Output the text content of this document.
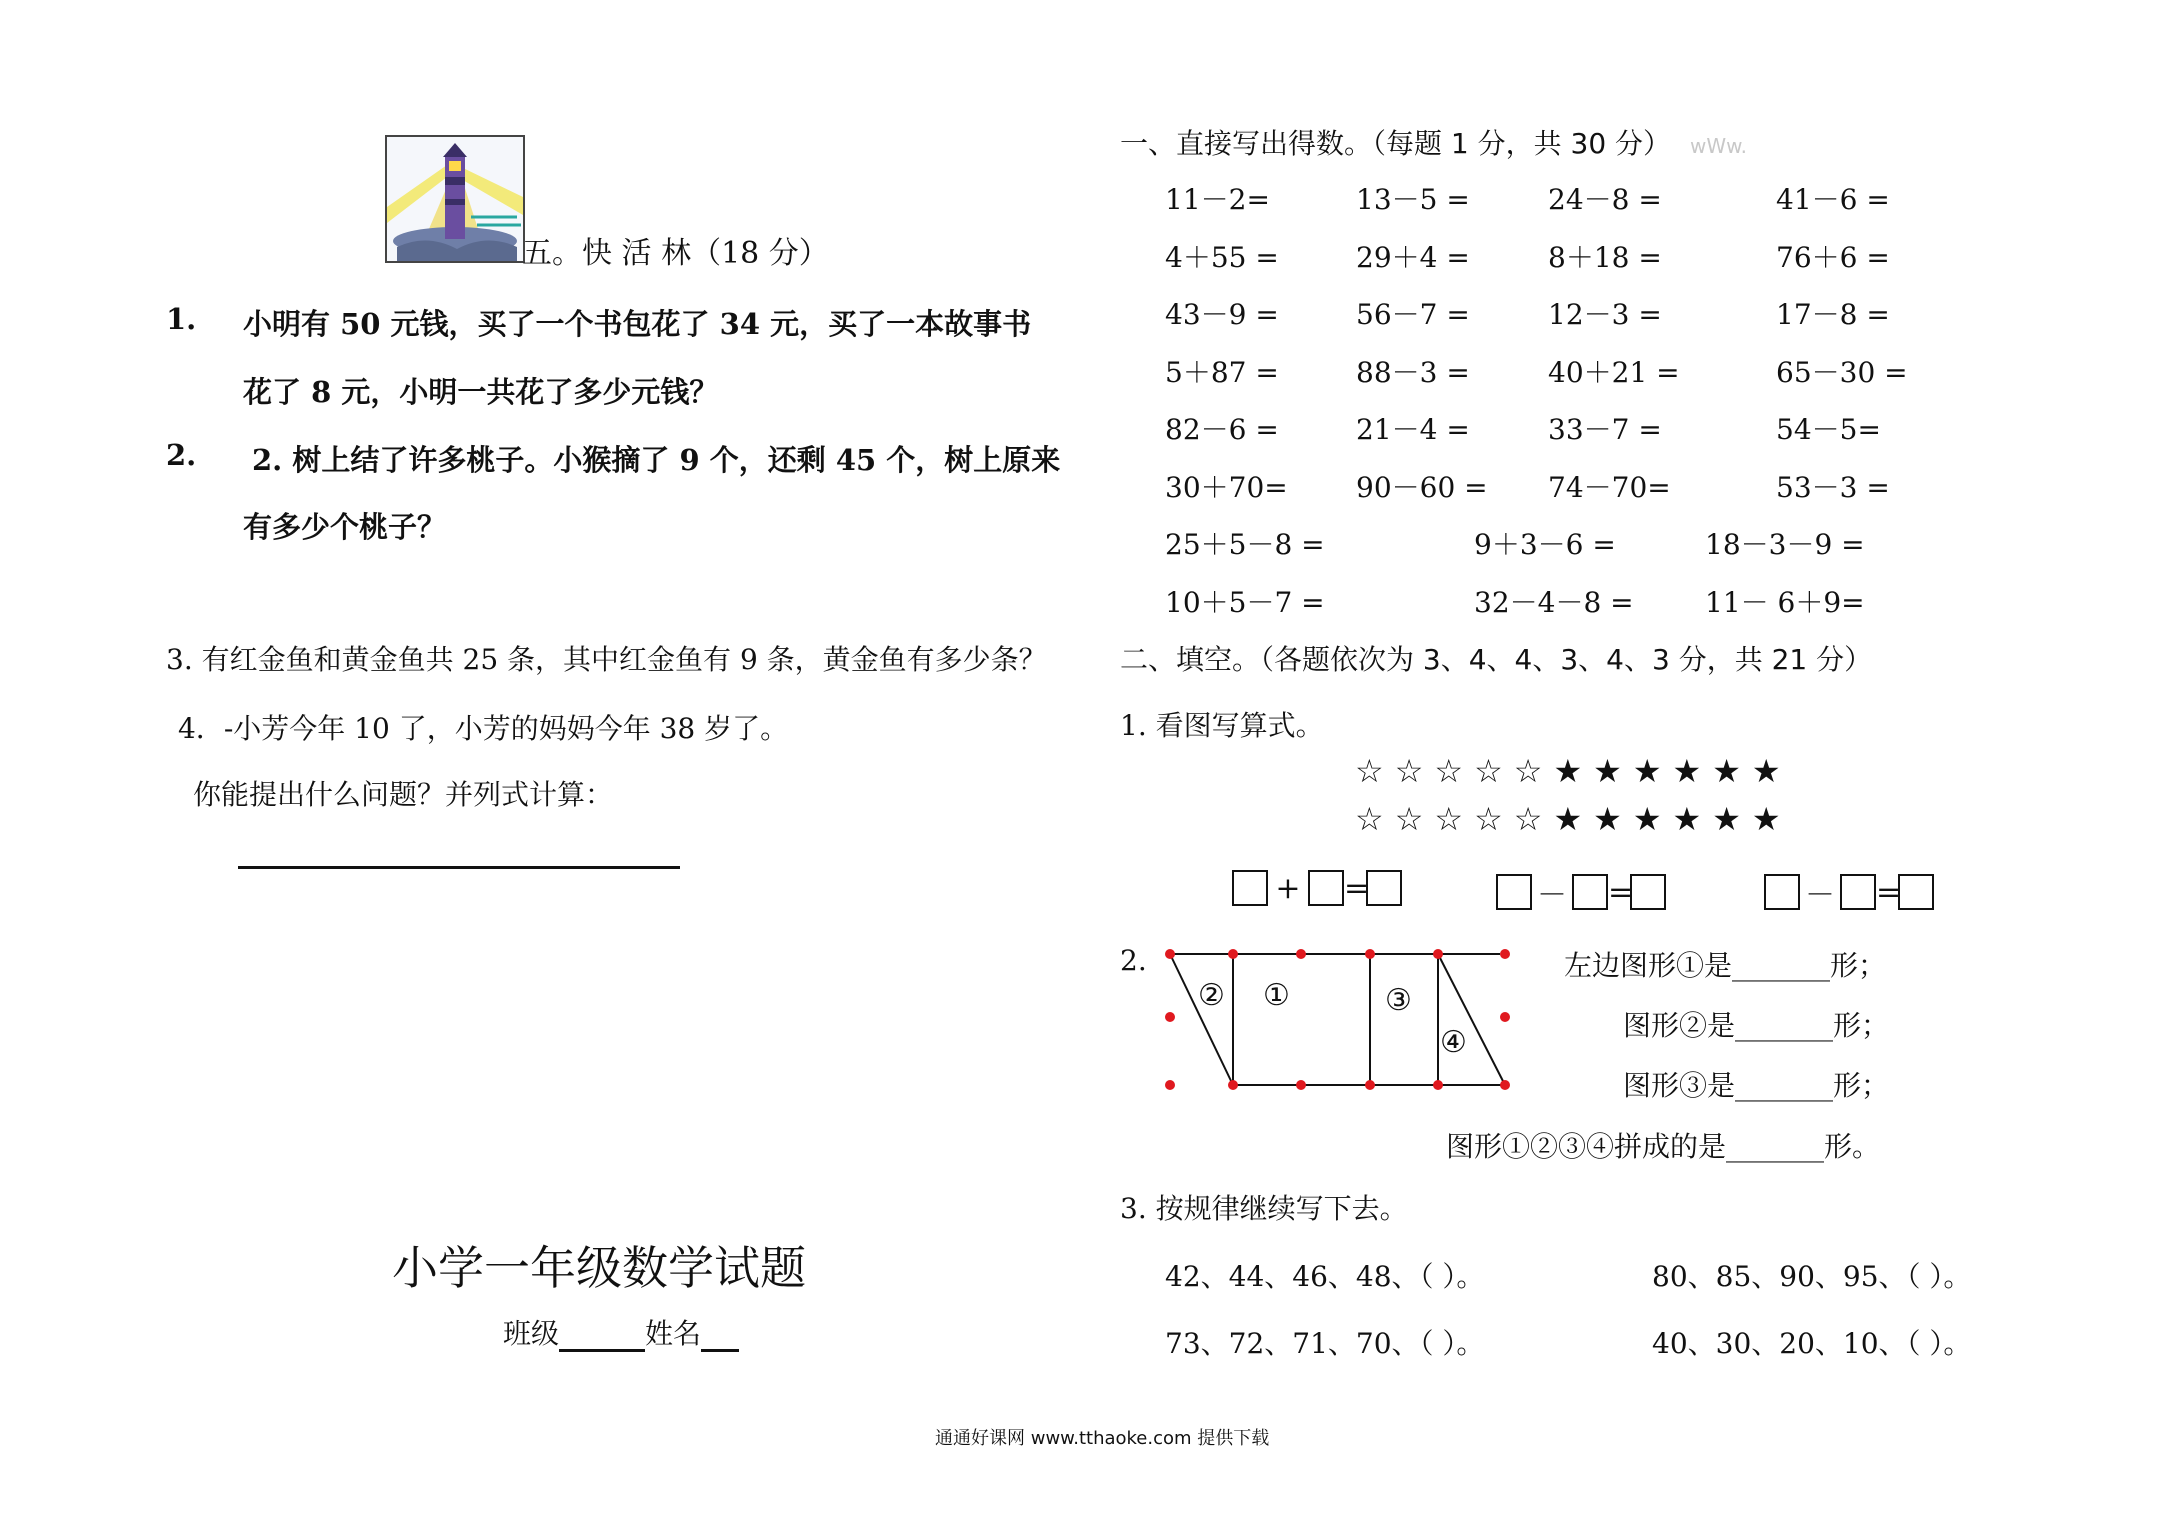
五。快 活 林（18 分）
1. 小明有 50 元钱，买了一个书包花了 34 元，买了一本故事书
花了 8 元，小明一共花了多少元钱？
2. 2. 树上结了许多桃子。小猴摘了 9 个，还剩 45 个，树上原来
有多少个桃子？
3. 有红金鱼和黄金鱼共 25 条，其中红金鱼有 9 条，黄金鱼有多少条？
4．-小芳今年 10 了，小芳的妈妈今年 38 岁了。
你能提出什么问题？并列式计算：
小学一年级数学试题
班级	姓名
一、直接写出得数。（每题 1 分，共 30 分） wWw.
11－2=	13－5 =	24－8 =	41－6 =
4＋55 =	29＋4 =	8＋18 =	76＋6 =
43－9 =	56－7 =	12－3 =	17－8 =
5＋87 =	88－3 =	40＋21 =	65－30 =
82－6 =	21－4 =	33－7 =	54－5=
30＋70= 90－60 = 74－70=	53－3 =
25＋5－8 =	9＋3－6 =	18－3－9 =
10＋5－7 =	32－4－8 =	11－ 6＋9=
二、填空。（各题依次为 3、4、4、3、4、3 分，共 21 分）
1. 看图写算式。
☆☆☆☆☆★★★★★★
☆☆☆☆☆★★★★★★
+ =	－ =	－ =
2.
② ①	③
④
左边图形①是_______形；
图形②是_______形；
图形③是_______形；
图形①②③④拼成的是_______形。
3. 按规律继续写下去。
42、44、46、48、（ ）。	80、85、90、95、（ ）。
73、72、71、70、（ ）。	40、30、20、10、（ ）。
通通好课网 www.tthaoke.com 提供下载
